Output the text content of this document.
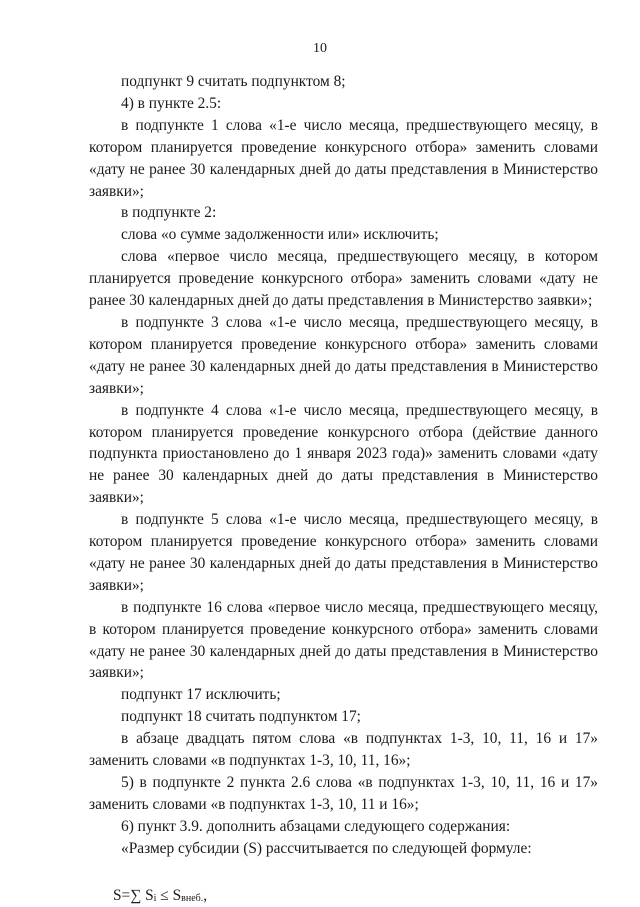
10

подпункт 9 считать подпунктом 8;

4) в пункте 2.5:

в подпункте 1 слова «1-е число месяца, предшествующего месяцу, в котором планируется проведение конкурсного отбора» заменить словами «дату не ранее 30 календарных дней до даты представления в Министерство заявки»;

в подпункте 2:

слова «о сумме задолженности или» исключить;

слова «первое число месяца, предшествующего месяцу, в котором планируется проведение конкурсного отбора» заменить словами «дату не ранее 30 календарных дней до даты представления в Министерство заявки»;

в подпункте 3 слова «1-е число месяца, предшествующего месяцу, в котором планируется проведение конкурсного отбора» заменить словами «дату не ранее 30 календарных дней до даты представления в Министерство заявки»;

в подпункте 4 слова «1-е число месяца, предшествующего месяцу, в котором планируется проведение конкурсного отбора (действие данного подпункта приостановлено до 1 января 2023 года)» заменить словами «дату не ранее 30 календарных дней до даты представления в Министерство заявки»;

в подпункте 5 слова «1-е число месяца, предшествующего месяцу, в котором планируется проведение конкурсного отбора» заменить словами «дату не ранее 30 календарных дней до даты представления в Министерство заявки»;

в подпункте 16 слова «первое число месяца, предшествующего месяцу, в котором планируется проведение конкурсного отбора» заменить словами «дату не ранее 30 календарных дней до даты представления в Министерство заявки»;

подпункт 17 исключить;

подпункт 18 считать подпунктом 17;

в абзаце двадцать пятом слова «в подпунктах 1-3, 10, 11, 16 и 17» заменить словами «в подпунктах 1-3, 10, 11, 16»;

5) в подпункте 2 пункта 2.6 слова «в подпунктах 1-3, 10, 11, 16 и 17» заменить словами «в подпунктах 1-3, 10, 11 и 16»;

6) пункт 3.9. дополнить абзацами следующего содержания:

«Размер субсидии (S) рассчитывается по следующей формуле:

S=∑ $S_i \le S_{внеб.}$,
